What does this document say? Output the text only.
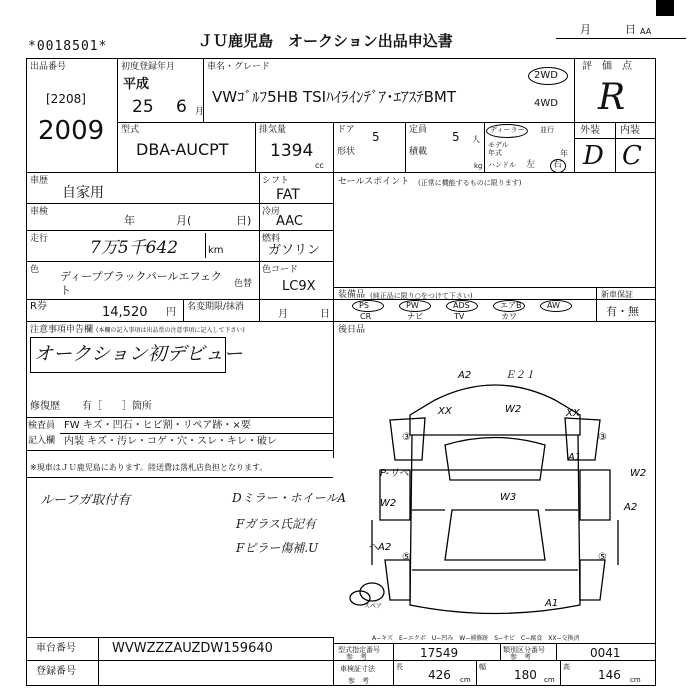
*0018501*	ＪＵ鹿児島　オークション出品申込書
月	日 AA
出品番号
[2208]
2009
初度登録年月
平成
25 6 月
車名・グレード
VWｺﾞﾙﾌ5HB TSIﾊｲﾗｲﾝﾃﾞｱ･ｴｱｽﾃBMT
2WD
4WD
評　価　点
R
型式
DBA-AUCPT
排気量
1394
cc
ドア 5
形状
定員 5 人
積載
kg
ディーラー 並行
モデル
年式	年
ハンドル 左 右
外装 内装
D C
車歴
自家用
シフト
FAT
車検
年	月(	日)
冷房
AAC
走行 7万5千642	km
燃料
ガソリン
色 ディープブラックパールエフェクト	色替
色コード
LC9X
R券	14,520 円 名変期限/抹消
月	日
セールスポイント (正常に機能するものに限ります)
装備品 (純正品に限り○をつけて下さい)	新車保証
有・無
PS
CR
PW
ナビ
ADS
TV
エアB
カワ
AW
後日品
注意事項申告欄 (本欄の記入事項は出品票の注意事項に記入して下さい)
オークション初デビュー
修復歴 有［　　］箇所
検査員
記入欄
FW キズ・凹石・ヒビ割・リペア跡・×要
内装 キズ・汚レ・コゲ・穴・スレ・キレ・破レ
※現車はＪＵ鹿児島にあります。陸送費は落札店負担となります。
ルーフガ取付有	Dミラー・ホイールA
Fガラス氏記有
Fピラー傷補.U
A2	Ｅ２１
XX	W2	XX
③	③
A1
P-リペ
W2
W3
W2
A2
ヘA2
⑤	⑤
A1
スペア
A−キズ　E−エクボ　U−凹み　W−補修跡　S−サビ　C−腐食　XX−交換済
車台番号	WVWZZZAUZDW159640
登録番号
型式指定番号
参　考	17549	類別区分番号
参　考	0041
車検証寸法
参　考
長
426 cm
幅
180 cm
高
146 cm
